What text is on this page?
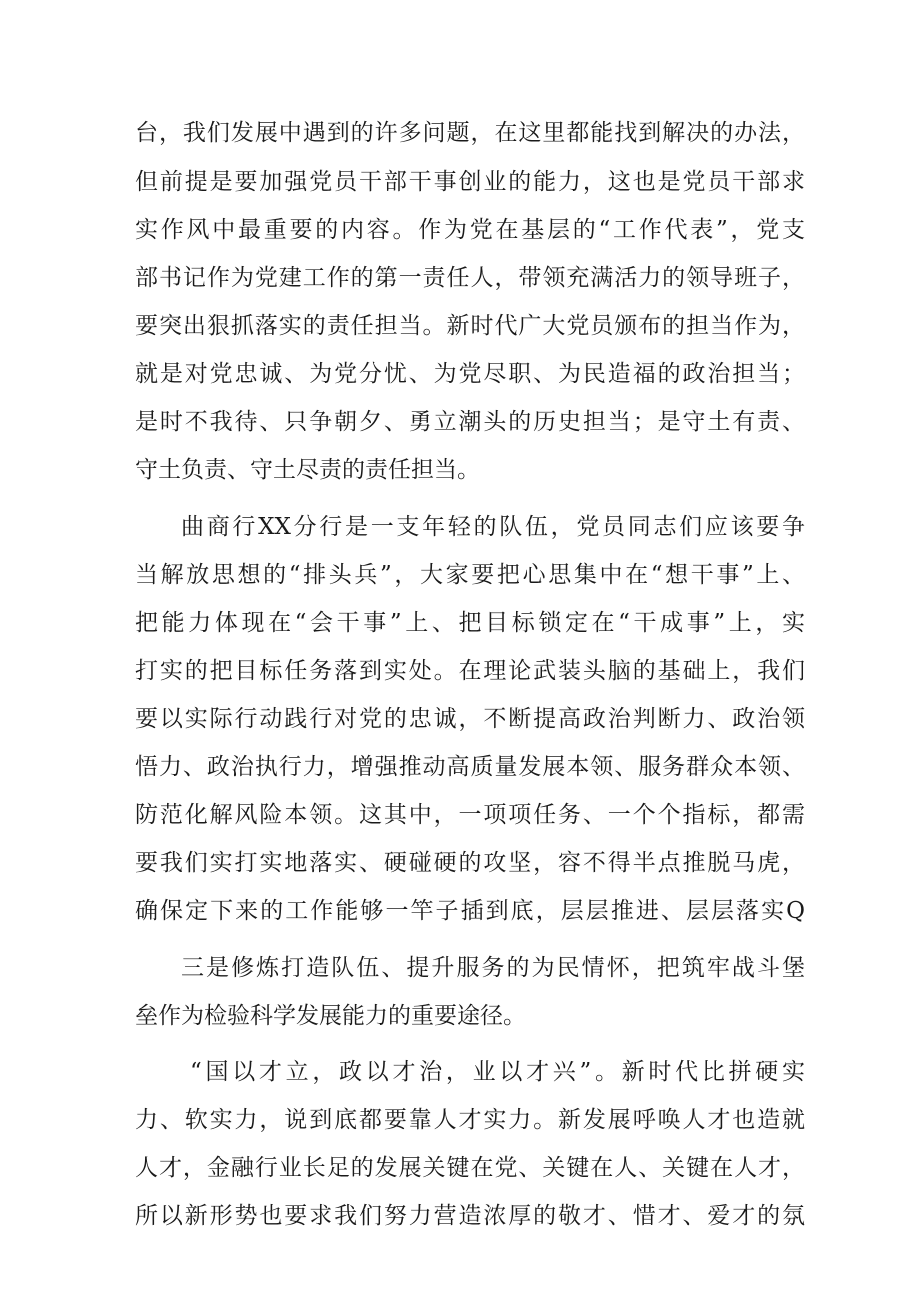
台，我们发展中遇到的许多问题，在这里都能找到解决的办法，
但前提是要加强党员干部干事创业的能力，这也是党员干部求
实作风中最重要的内容。作为党在基层的“工作代表”，党支
部书记作为党建工作的第一责任人，带领充满活力的领导班子，
要突出狠抓落实的责任担当。新时代广大党员颁布的担当作为，
就是对党忠诚、为党分忧、为党尽职、为民造福的政治担当；
是时不我待、只争朝夕、勇立潮头的历史担当；是守土有责、
守土负责、守土尽责的责任担当。
曲商行XX分行是一支年轻的队伍，党员同志们应该要争
当解放思想的“排头兵”，大家要把心思集中在“想干事”上、
把能力体现在“会干事”上、把目标锁定在“干成事”上，实
打实的把目标任务落到实处。在理论武装头脑的基础上，我们
要以实际行动践行对党的忠诚，不断提高政治判断力、政治领
悟力、政治执行力，增强推动高质量发展本领、服务群众本领、
防范化解风险本领。这其中，一项项任务、一个个指标，都需
要我们实打实地落实、硬碰硬的攻坚，容不得半点推脱马虎，
确保定下来的工作能够一竿子插到底，层层推进、层层落实Q
三是修炼打造队伍、提升服务的为民情怀，把筑牢战斗堡
垒作为检验科学发展能力的重要途径。
“国以才立，政以才治，业以才兴”。新时代比拼硬实
力、软实力，说到底都要靠人才实力。新发展呼唤人才也造就
人才，金融行业长足的发展关键在党、关键在人、关键在人才，
所以新形势也要求我们努力营造浓厚的敬才、惜才、爱才的氛
